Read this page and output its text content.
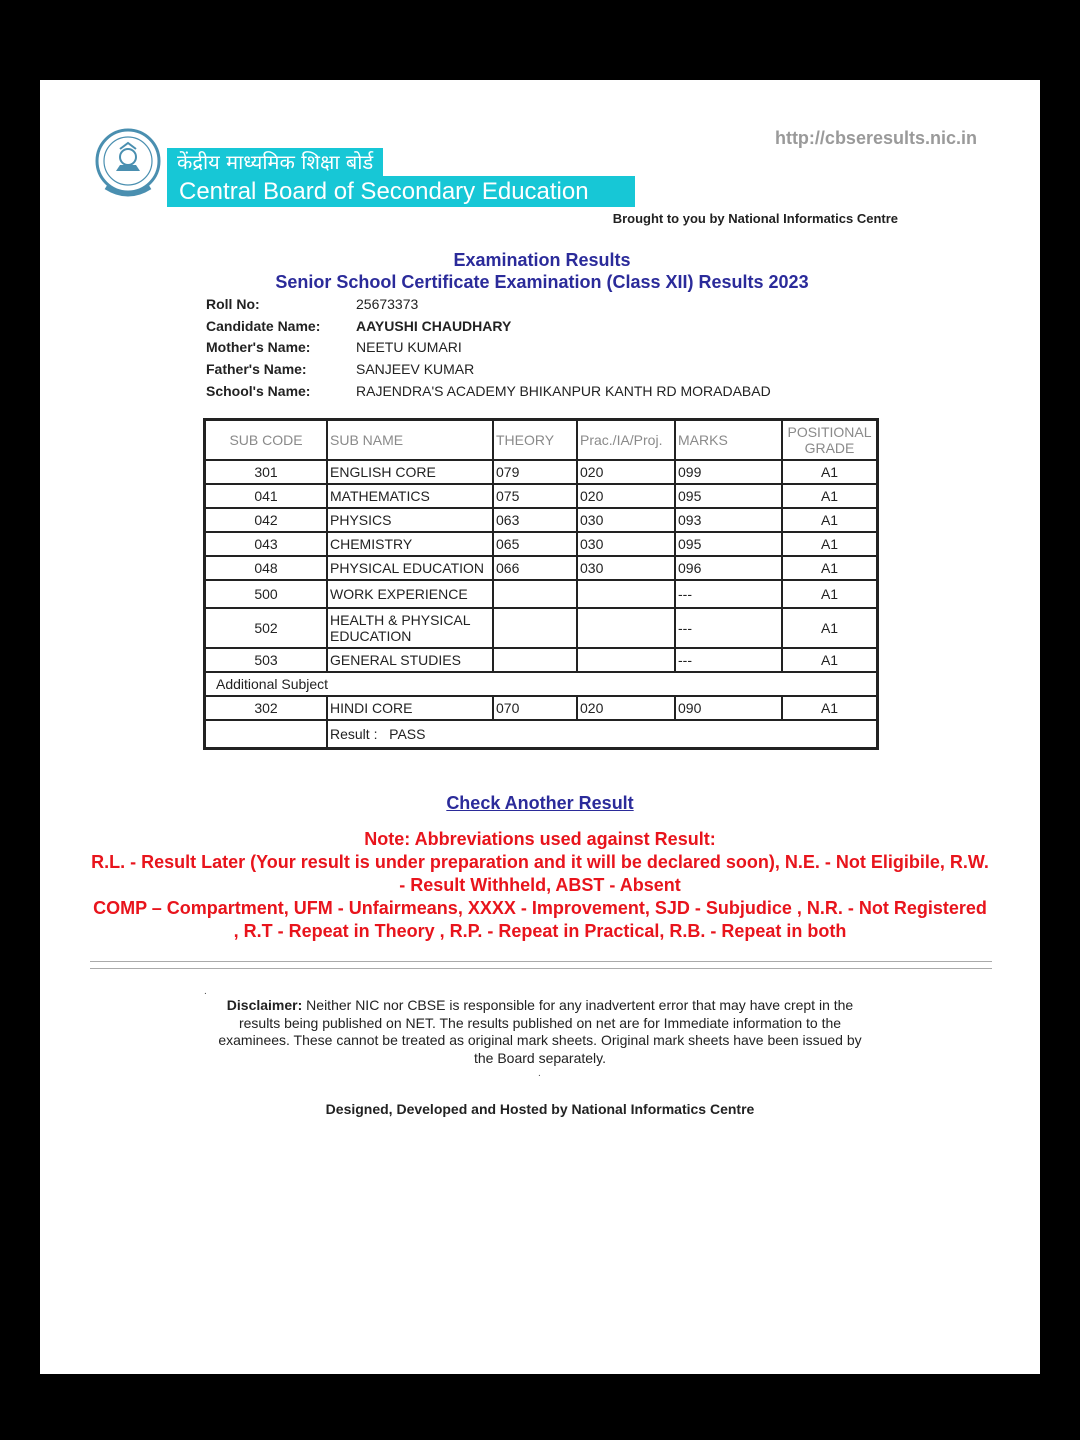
केंद्रीय माध्यमिक शिक्षा बोर्ड
Central Board of Secondary Education
http://cbseresults.nic.in
Brought to you by National Informatics Centre
Examination Results
Senior School Certificate Examination (Class XII) Results 2023
Roll No:	25673373
Candidate Name:	AAYUSHI CHAUDHARY
Mother's Name:	NEETU KUMARI
Father's Name:	SANJEEV KUMAR
School's Name:	RAJENDRA'S ACADEMY BHIKANPUR KANTH RD MORADABAD
SUB CODE	SUB NAME	THEORY	Prac./IA/Proj.	MARKS	POSITIONAL GRADE
301	ENGLISH CORE	079	020	099	A1
041	MATHEMATICS	075	020	095	A1
042	PHYSICS	063	030	093	A1
043	CHEMISTRY	065	030	095	A1
048	PHYSICAL EDUCATION	066	030	096	A1
500	WORK EXPERIENCE			---	A1
502	HEALTH & PHYSICAL EDUCATION			---	A1
503	GENERAL STUDIES			---	A1
Additional Subject					
302	HINDI CORE	070	020	090	A1
	Result : PASS				
Check Another Result
Note: Abbreviations used against Result:
R.L. - Result Later (Your result is under preparation and it will be declared soon), N.E. - Not Eligibile, R.W. - Result Withheld, ABST - Absent
COMP – Compartment, UFM - Unfairmeans, XXXX - Improvement, SJD - Subjudice , N.R. - Not Registered , R.T - Repeat in Theory , R.P. - Repeat in Practical, R.B. - Repeat in both
.
Disclaimer: Neither NIC nor CBSE is responsible for any inadvertent error that may have crept in the results being published on NET. The results published on net are for Immediate information to the examinees. These cannot be treated as original mark sheets. Original mark sheets have been issued by the Board separately.
.
Designed, Developed and Hosted by National Informatics Centre
